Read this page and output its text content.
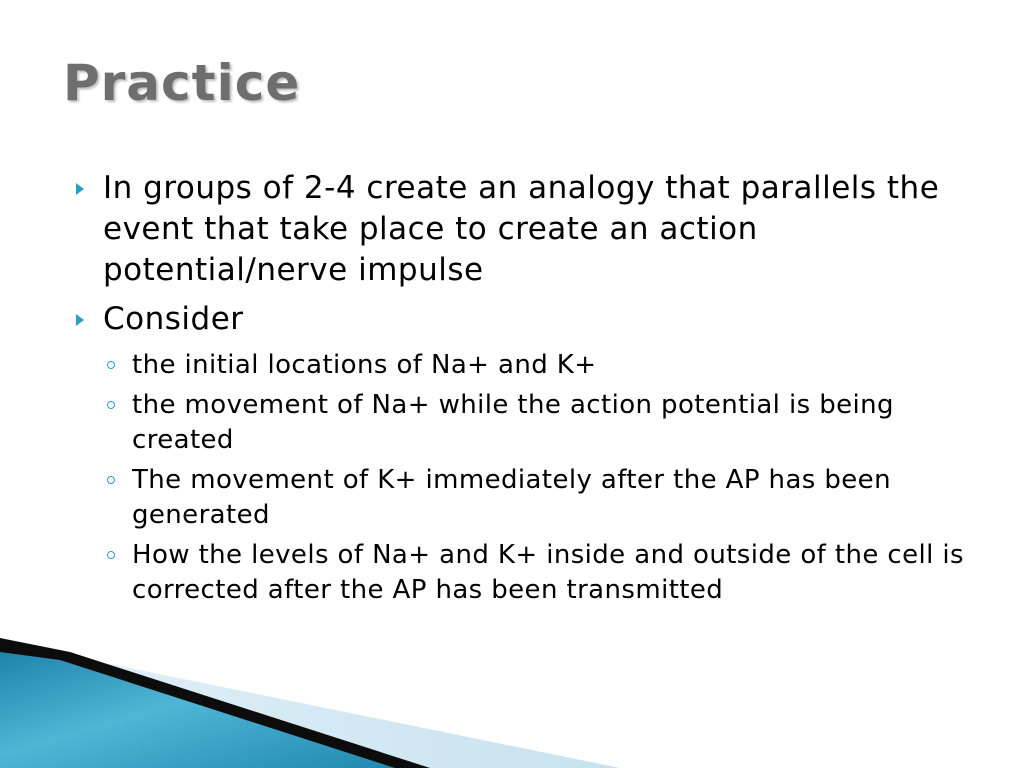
Practice
In groups of 2-4 create an analogy that parallels the event that take place to create an action potential/nerve impulse
Consider
the initial locations of Na+ and K+
the movement of Na+ while the action potential is being created
The movement of K+ immediately after the AP has been generated
How the levels of Na+ and K+ inside and outside of the cell is corrected after the AP has been transmitted
